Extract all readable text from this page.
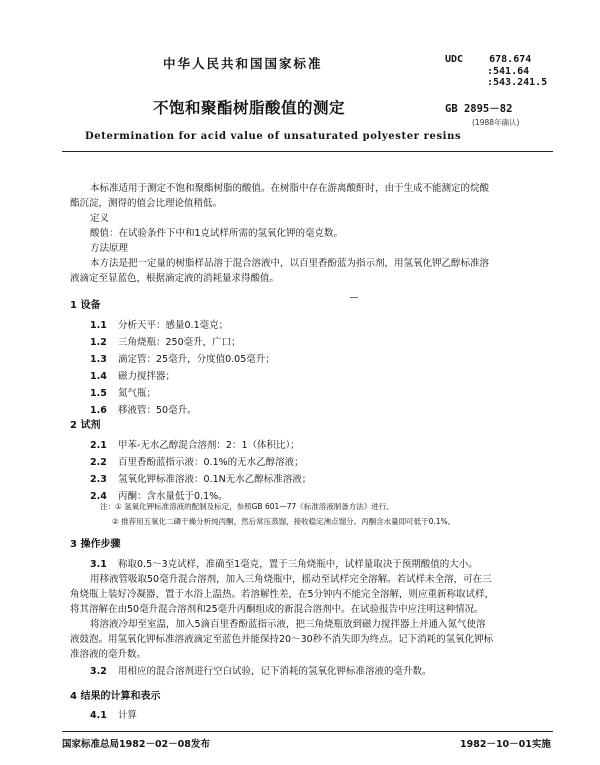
中华人民共和国国家标准	UDC	678.674
:541.64
:543.241.5
GB 2895－82
(1988年确认)
不饱和聚酯树脂酸值的测定
Determination for acid value of unsaturated polyester resins
本标准适用于测定不饱和聚酯树脂的酸值。在树脂中存在游离酸酐时，由于生成不能测定的烷酸
酯沉淀，测得的值会比理论值稍低。
定义
酸值：在试验条件下中和1克试样所需的氢氧化钾的毫克数。
方法原理
本方法是把一定量的树脂样品溶于混合溶液中，以百里香酚蓝为指示剂，用氢氧化钾乙醇标准溶
液滴定至显蓝色，根据滴定液的消耗量求得酸值。
1 设备
1.1 分析天平：感量0.1毫克；
1.2 三角烧瓶：250毫升，广口；
1.3 滴定管：25毫升，分度值0.05毫升；
1.4 磁力搅拌器；
1.5 氮气瓶；
1.6 移液管：50毫升。
2 试剂
2.1 甲苯-无水乙醇混合溶剂：2：1（体积比）；
2.2 百里香酚蓝指示液：0.1%的无水乙醇溶液；
2.3 氢氧化钾标准溶液：0.1N无水乙醇标准溶液；
2.4 丙酮：含水量低于0.1%。
注：① 氢氧化钾标准溶液的配制及标定，参照GB 601—77《标准溶液制备方法》进行。
② 推荐用五氧化二磷干燥分析纯丙酮，然后常压蒸馏，接收稳定沸点馏分。丙酮含水量即可低于0.1%。
3 操作步骤
3.1 称取0.5～3克试样，准确至1毫克，置于三角烧瓶中，试样量取决于预期酸值的大小。
用移液管吸取50毫升混合溶剂，加入三角烧瓶中，摇动至试样完全溶解。若试样未全溶，可在三
角烧瓶上装好冷凝器，置于水浴上温热。若溶解性差，在5分钟内不能完全溶解，则应重新称取试样，
将其溶解在由50毫升混合溶剂和25毫升丙酮组成的新混合溶剂中。在试验报告中应注明这种情况。
将溶液冷却至室温，加入5滴百里香酚蓝指示液，把三角烧瓶放到磁力搅拌器上并通入氮气使溶
液鼓泡。用氢氧化钾标准溶液滴定至蓝色并能保持20～30秒不消失即为终点。记下消耗的氢氧化钾标
准溶液的毫升数。
3.2 用相应的混合溶剂进行空白试验，记下消耗的氢氧化钾标准溶液的毫升数。
4 结果的计算和表示
4.1 计算
国家标准总局1982－02－08发布	1982－10－01实施
